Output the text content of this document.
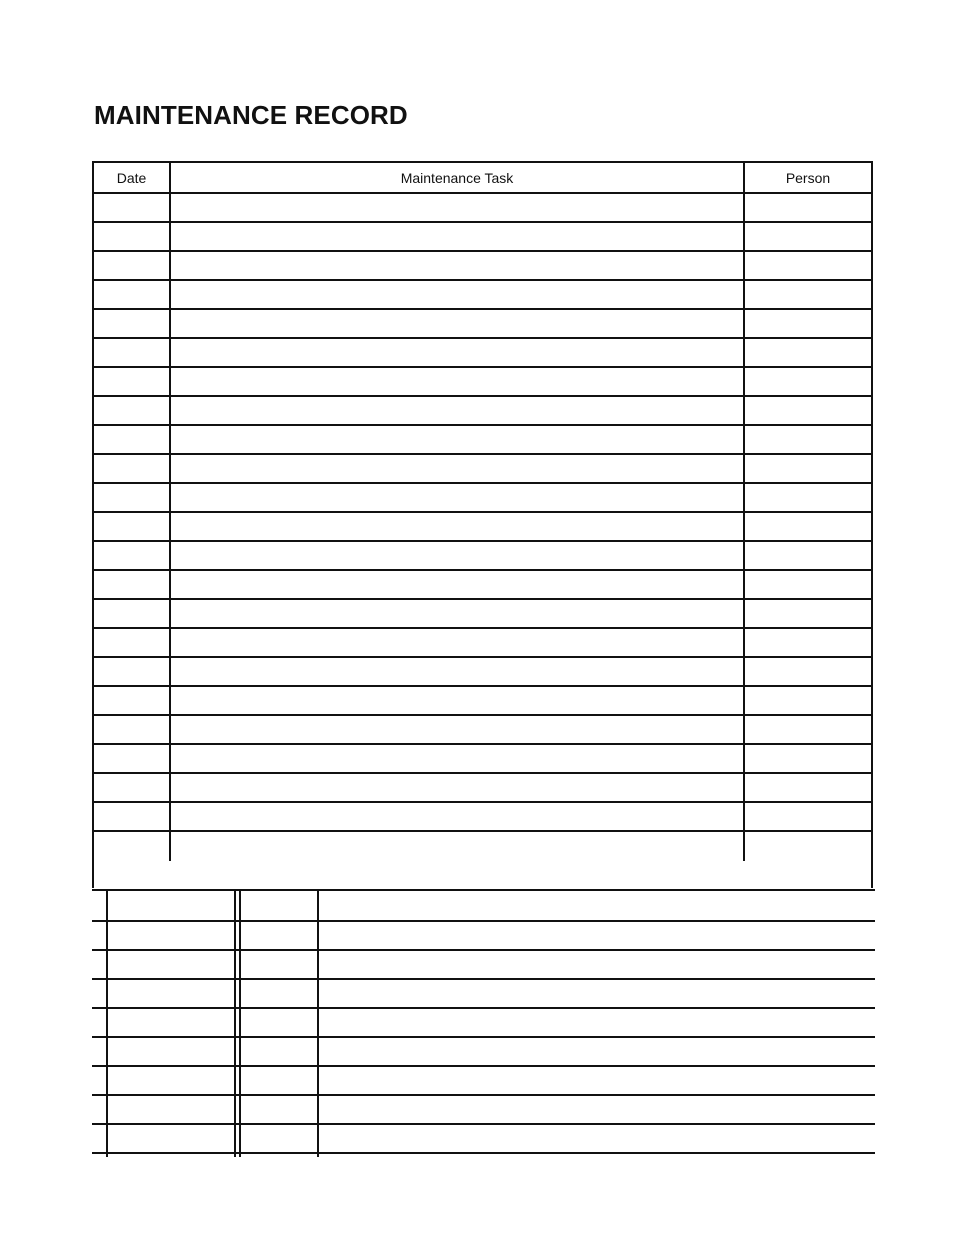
MAINTENANCE RECORD
Date	Maintenance Task	Person
